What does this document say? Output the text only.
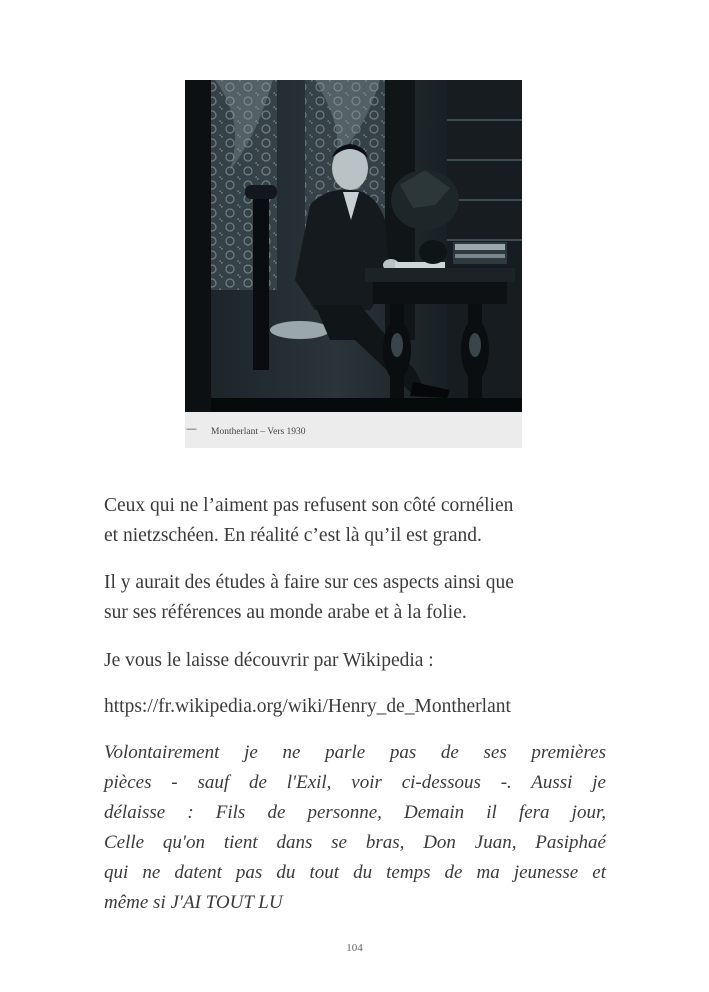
— Montherlant – Vers 1930

Ceux qui ne l’aiment pas refusent son côté cornélien
et nietzschéen. En réalité c’est là qu’il est grand.

Il y aurait des études à faire sur ces aspects ainsi que
sur ses références au monde arabe et à la folie.

Je vous le laisse découvrir par Wikipedia :

https://fr.wikipedia.org/wiki/Henry_de_Montherlant

Volontairement je ne parle pas de ses premières
pièces - sauf de l'Exil, voir ci-dessous -. Aussi je
délaisse : Fils de personne, Demain il fera jour,
Celle qu'on tient dans se bras, Don Juan, Pasiphaé
qui ne datent pas du tout du temps de ma jeunesse et
même si J'AI TOUT LU

104
